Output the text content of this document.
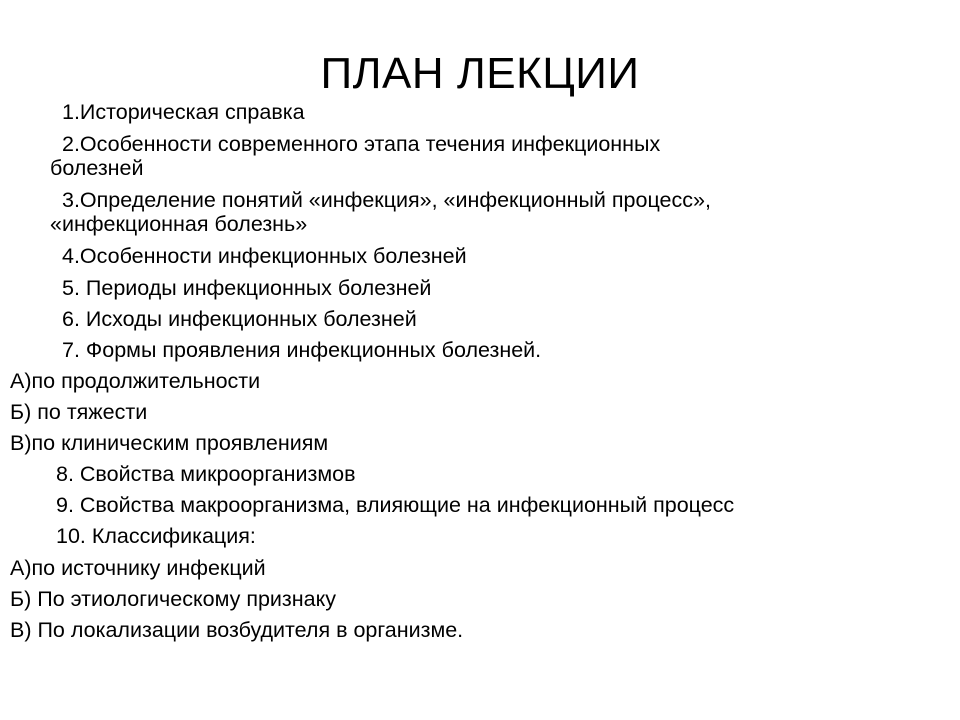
ПЛАН ЛЕКЦИИ
1.Историческая справка
2.Особенности современного этапа течения инфекционных
болезней
3.Определение понятий «инфекция», «инфекционный процесс»,
«инфекционная болезнь»
4.Особенности инфекционных болезней
5. Периоды инфекционных болезней
6. Исходы инфекционных болезней
7. Формы проявления инфекционных болезней.
А)по продолжительности
Б) по тяжести
В)по клиническим проявлениям
8. Свойства микроорганизмов
9. Свойства макроорганизма, влияющие на инфекционный процесс
10. Классификация:
А)по источнику инфекций
Б) По этиологическому признаку
В) По локализации возбудителя в организме.
